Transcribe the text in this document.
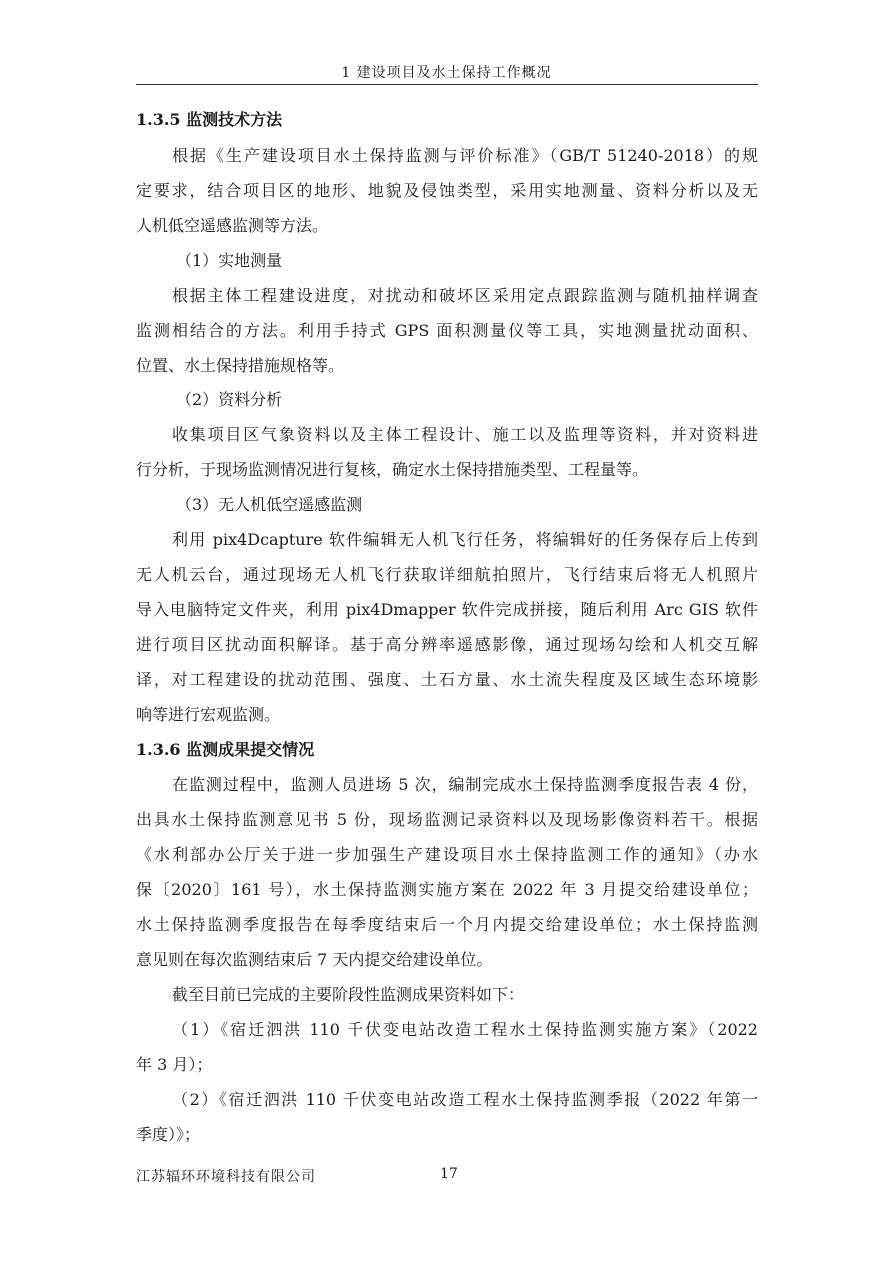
1 建设项目及水土保持工作概况
1.3.5 监测技术方法
根据《生产建设项目水土保持监测与评价标准》（GB/T 51240-2018）的规
定要求，结合项目区的地形、地貌及侵蚀类型，采用实地测量、资料分析以及无
人机低空遥感监测等方法。
（1）实地测量
根据主体工程建设进度，对扰动和破坏区采用定点跟踪监测与随机抽样调查
监测相结合的方法。利用手持式 GPS 面积测量仪等工具，实地测量扰动面积、
位置、水土保持措施规格等。
（2）资料分析
收集项目区气象资料以及主体工程设计、施工以及监理等资料，并对资料进
行分析，于现场监测情况进行复核，确定水土保持措施类型、工程量等。
（3）无人机低空遥感监测
利用 pix4Dcapture 软件编辑无人机飞行任务，将编辑好的任务保存后上传到
无人机云台，通过现场无人机飞行获取详细航拍照片，飞行结束后将无人机照片
导入电脑特定文件夹，利用 pix4Dmapper 软件完成拼接，随后利用 Arc GIS 软件
进行项目区扰动面积解译。基于高分辨率遥感影像，通过现场勾绘和人机交互解
译，对工程建设的扰动范围、强度、土石方量、水土流失程度及区域生态环境影
响等进行宏观监测。
1.3.6 监测成果提交情况
在监测过程中，监测人员进场 5 次，编制完成水土保持监测季度报告表 4 份，
出具水土保持监测意见书 5 份，现场监测记录资料以及现场影像资料若干。根据
《水利部办公厅关于进一步加强生产建设项目水土保持监测工作的通知》（办水
保〔2020〕161 号），水土保持监测实施方案在 2022 年 3 月提交给建设单位；
水土保持监测季度报告在每季度结束后一个月内提交给建设单位；水土保持监测
意见则在每次监测结束后 7 天内提交给建设单位。
截至目前已完成的主要阶段性监测成果资料如下：
（1）《宿迁泗洪 110 千伏变电站改造工程水土保持监测实施方案》（2022
年 3 月）；
（2）《宿迁泗洪 110 千伏变电站改造工程水土保持监测季报（2022 年第一
季度）》；
江苏辐环环境科技有限公司	17
